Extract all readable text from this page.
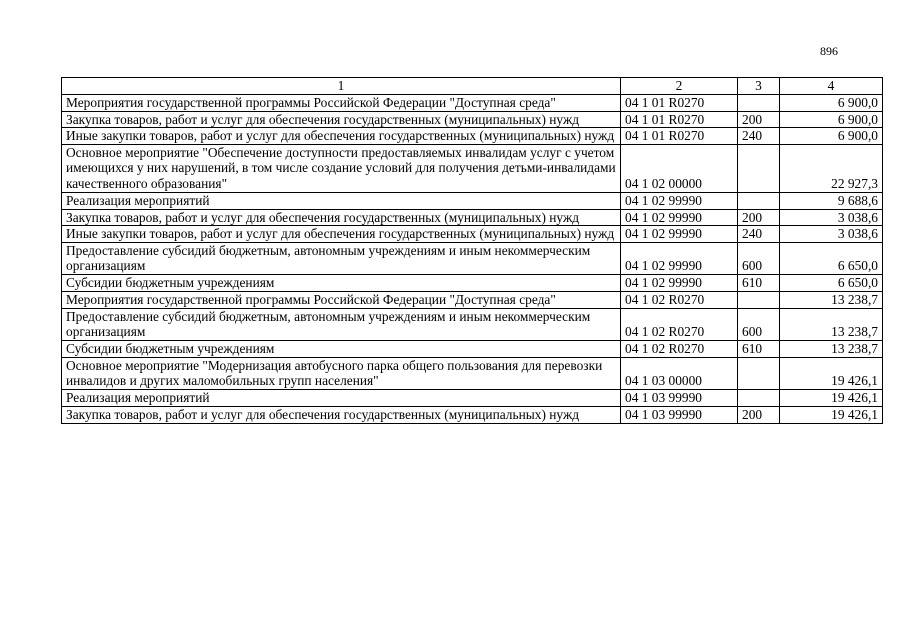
896
1	2	3	4
Мероприятия государственной программы Российской Федерации "Доступная среда"	04 1 01 R0270		6 900,0
Закупка товаров, работ и услуг для обеспечения государственных (муниципальных) нужд	04 1 01 R0270	200	6 900,0
Иные закупки товаров, работ и услуг для обеспечения государственных (муниципальных) нужд	04 1 01 R0270	240	6 900,0
Основное мероприятие "Обеспечение доступности предоставляемых инвалидам услуг с учетом имеющихся у них нарушений, в том числе создание условий для получения детьми-инвалидами качественного образования"	04 1 02 00000		22 927,3
Реализация мероприятий	04 1 02 99990		9 688,6
Закупка товаров, работ и услуг для обеспечения государственных (муниципальных) нужд	04 1 02 99990	200	3 038,6
Иные закупки товаров, работ и услуг для обеспечения государственных (муниципальных) нужд	04 1 02 99990	240	3 038,6
Предоставление субсидий бюджетным, автономным учреждениям и иным некоммерческим организациям	04 1 02 99990	600	6 650,0
Субсидии бюджетным учреждениям	04 1 02 99990	610	6 650,0
Мероприятия государственной программы Российской Федерации "Доступная среда"	04 1 02 R0270		13 238,7
Предоставление субсидий бюджетным, автономным учреждениям и иным некоммерческим организациям	04 1 02 R0270	600	13 238,7
Субсидии бюджетным учреждениям	04 1 02 R0270	610	13 238,7
Основное мероприятие "Модернизация автобусного парка общего пользования для перевозки инвалидов и других маломобильных групп населения"	04 1 03 00000		19 426,1
Реализация мероприятий	04 1 03 99990		19 426,1
Закупка товаров, работ и услуг для обеспечения государственных (муниципальных) нужд	04 1 03 99990	200	19 426,1
